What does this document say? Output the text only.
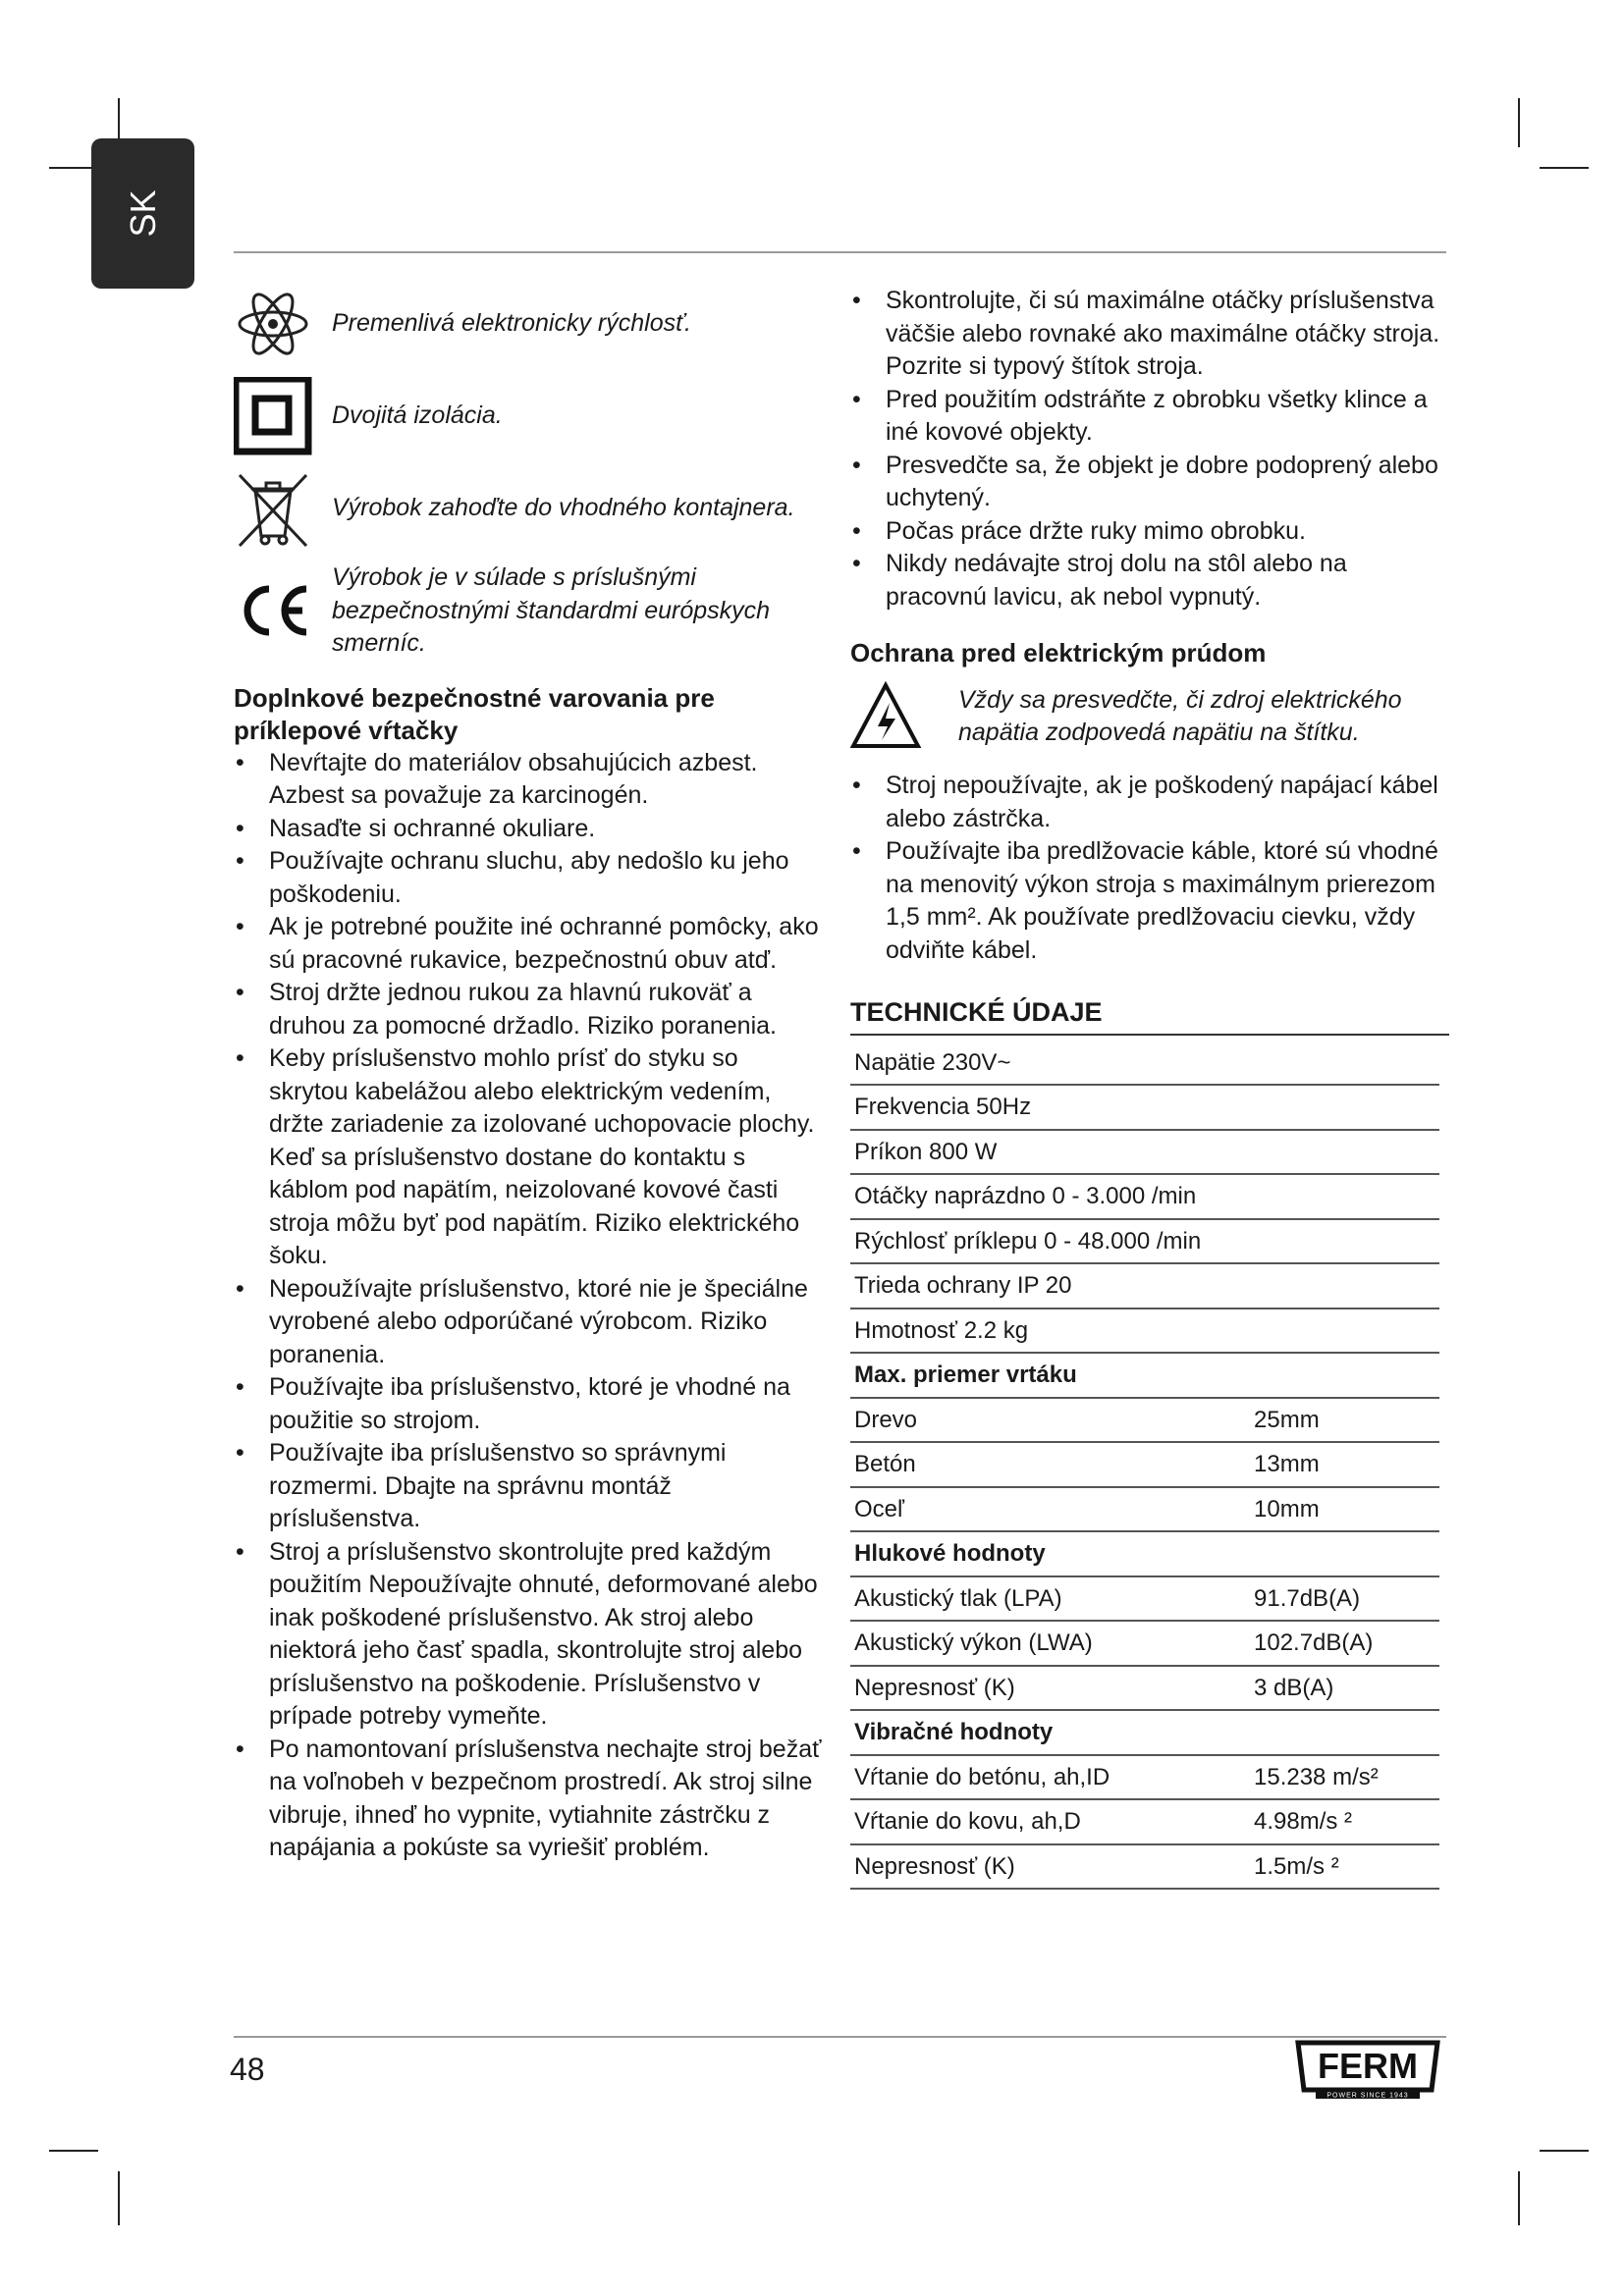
SK
Premenlivá elektronicky rýchlosť.
Dvojitá izolácia.
Výrobok zahoďte do vhodného kontajnera.
Výrobok je v súlade s príslušnými bezpečnostnými štandardmi európskych smerníc.
Doplnkové bezpečnostné varovania pre príklepové vŕtačky
• Nevŕtajte do materiálov obsahujúcich azbest. Azbest sa považuje za karcinogén.
• Nasaďte si ochranné okuliare.
• Používajte ochranu sluchu, aby nedošlo ku jeho poškodeniu.
• Ak je potrebné použite iné ochranné pomôcky, ako sú pracovné rukavice, bezpečnostnú obuv atď.
• Stroj držte jednou rukou za hlavnú rukoväť a druhou za pomocné držadlo. Riziko poranenia.
• Keby príslušenstvo mohlo prísť do styku so skrytou kabelážou alebo elektrickým vedením, držte zariadenie za izolované uchopovacie plochy. Keď sa príslušenstvo dostane do kontaktu s káblom pod napätím, neizolované kovové časti stroja môžu byť pod napätím. Riziko elektrického šoku.
• Nepoužívajte príslušenstvo, ktoré nie je špeciálne vyrobené alebo odporúčané výrobcom. Riziko poranenia.
• Používajte iba príslušenstvo, ktoré je vhodné na použitie so strojom.
• Používajte iba príslušenstvo so správnymi rozmermi. Dbajte na správnu montáž príslušenstva.
• Stroj a príslušenstvo skontrolujte pred každým použitím Nepoužívajte ohnuté, deformované alebo inak poškodené príslušenstvo. Ak stroj alebo niektorá jeho časť spadla, skontrolujte stroj alebo príslušenstvo na poškodenie. Príslušenstvo v prípade potreby vymeňte.
• Po namontovaní príslušenstva nechajte stroj bežať na voľnobeh v bezpečnom prostredí. Ak stroj silne vibruje, ihneď ho vypnite, vytiahnite zástrčku z napájania a pokúste sa vyriešiť problém.
• Skontrolujte, či sú maximálne otáčky príslušenstva väčšie alebo rovnaké ako maximálne otáčky stroja. Pozrite si typový štítok stroja.
• Pred použitím odstráňte z obrobku všetky klince a iné kovové objekty.
• Presvedčte sa, že objekt je dobre podoprený alebo uchytený.
• Počas práce držte ruky mimo obrobku.
• Nikdy nedávajte stroj dolu na stôl alebo na pracovnú lavicu, ak nebol vypnutý.
Ochrana pred elektrickým prúdom
Vždy sa presvedčte, či zdroj elektrického napätia zodpovedá napätiu na štítku.
• Stroj nepoužívajte, ak je poškodený napájací kábel alebo zástrčka.
• Používajte iba predlžovacie káble, ktoré sú vhodné na menovitý výkon stroja s maximálnym prierezom 1,5 mm². Ak používate predlžovaciu cievku, vždy odviňte kábel.
TECHNICKÉ ÚDAJE
Napätie 230V~	
Frekvencia 50Hz	
Príkon 800 W	
Otáčky naprázdno 0 - 3.000 /min	
Rýchlosť príklepu 0 - 48.000 /min	
Trieda ochrany IP 20	
Hmotnosť 2.2 kg	
Max. priemer vrtáku	
Drevo	25mm
Betón	13mm
Oceľ	10mm
Hlukové hodnoty	
Akustický tlak (LPA)	91.7dB(A)
Akustický výkon (LWA)	102.7dB(A)
Nepresnosť (K)	3 dB(A)
Vibračné hodnoty	
Vŕtanie do betónu, ah,ID	15.238 m/s²
Vŕtanie do kovu, ah,D	4.98m/s ²
Nepresnosť (K)	1.5m/s ²
48	FERM
POWER SINCE 1943
